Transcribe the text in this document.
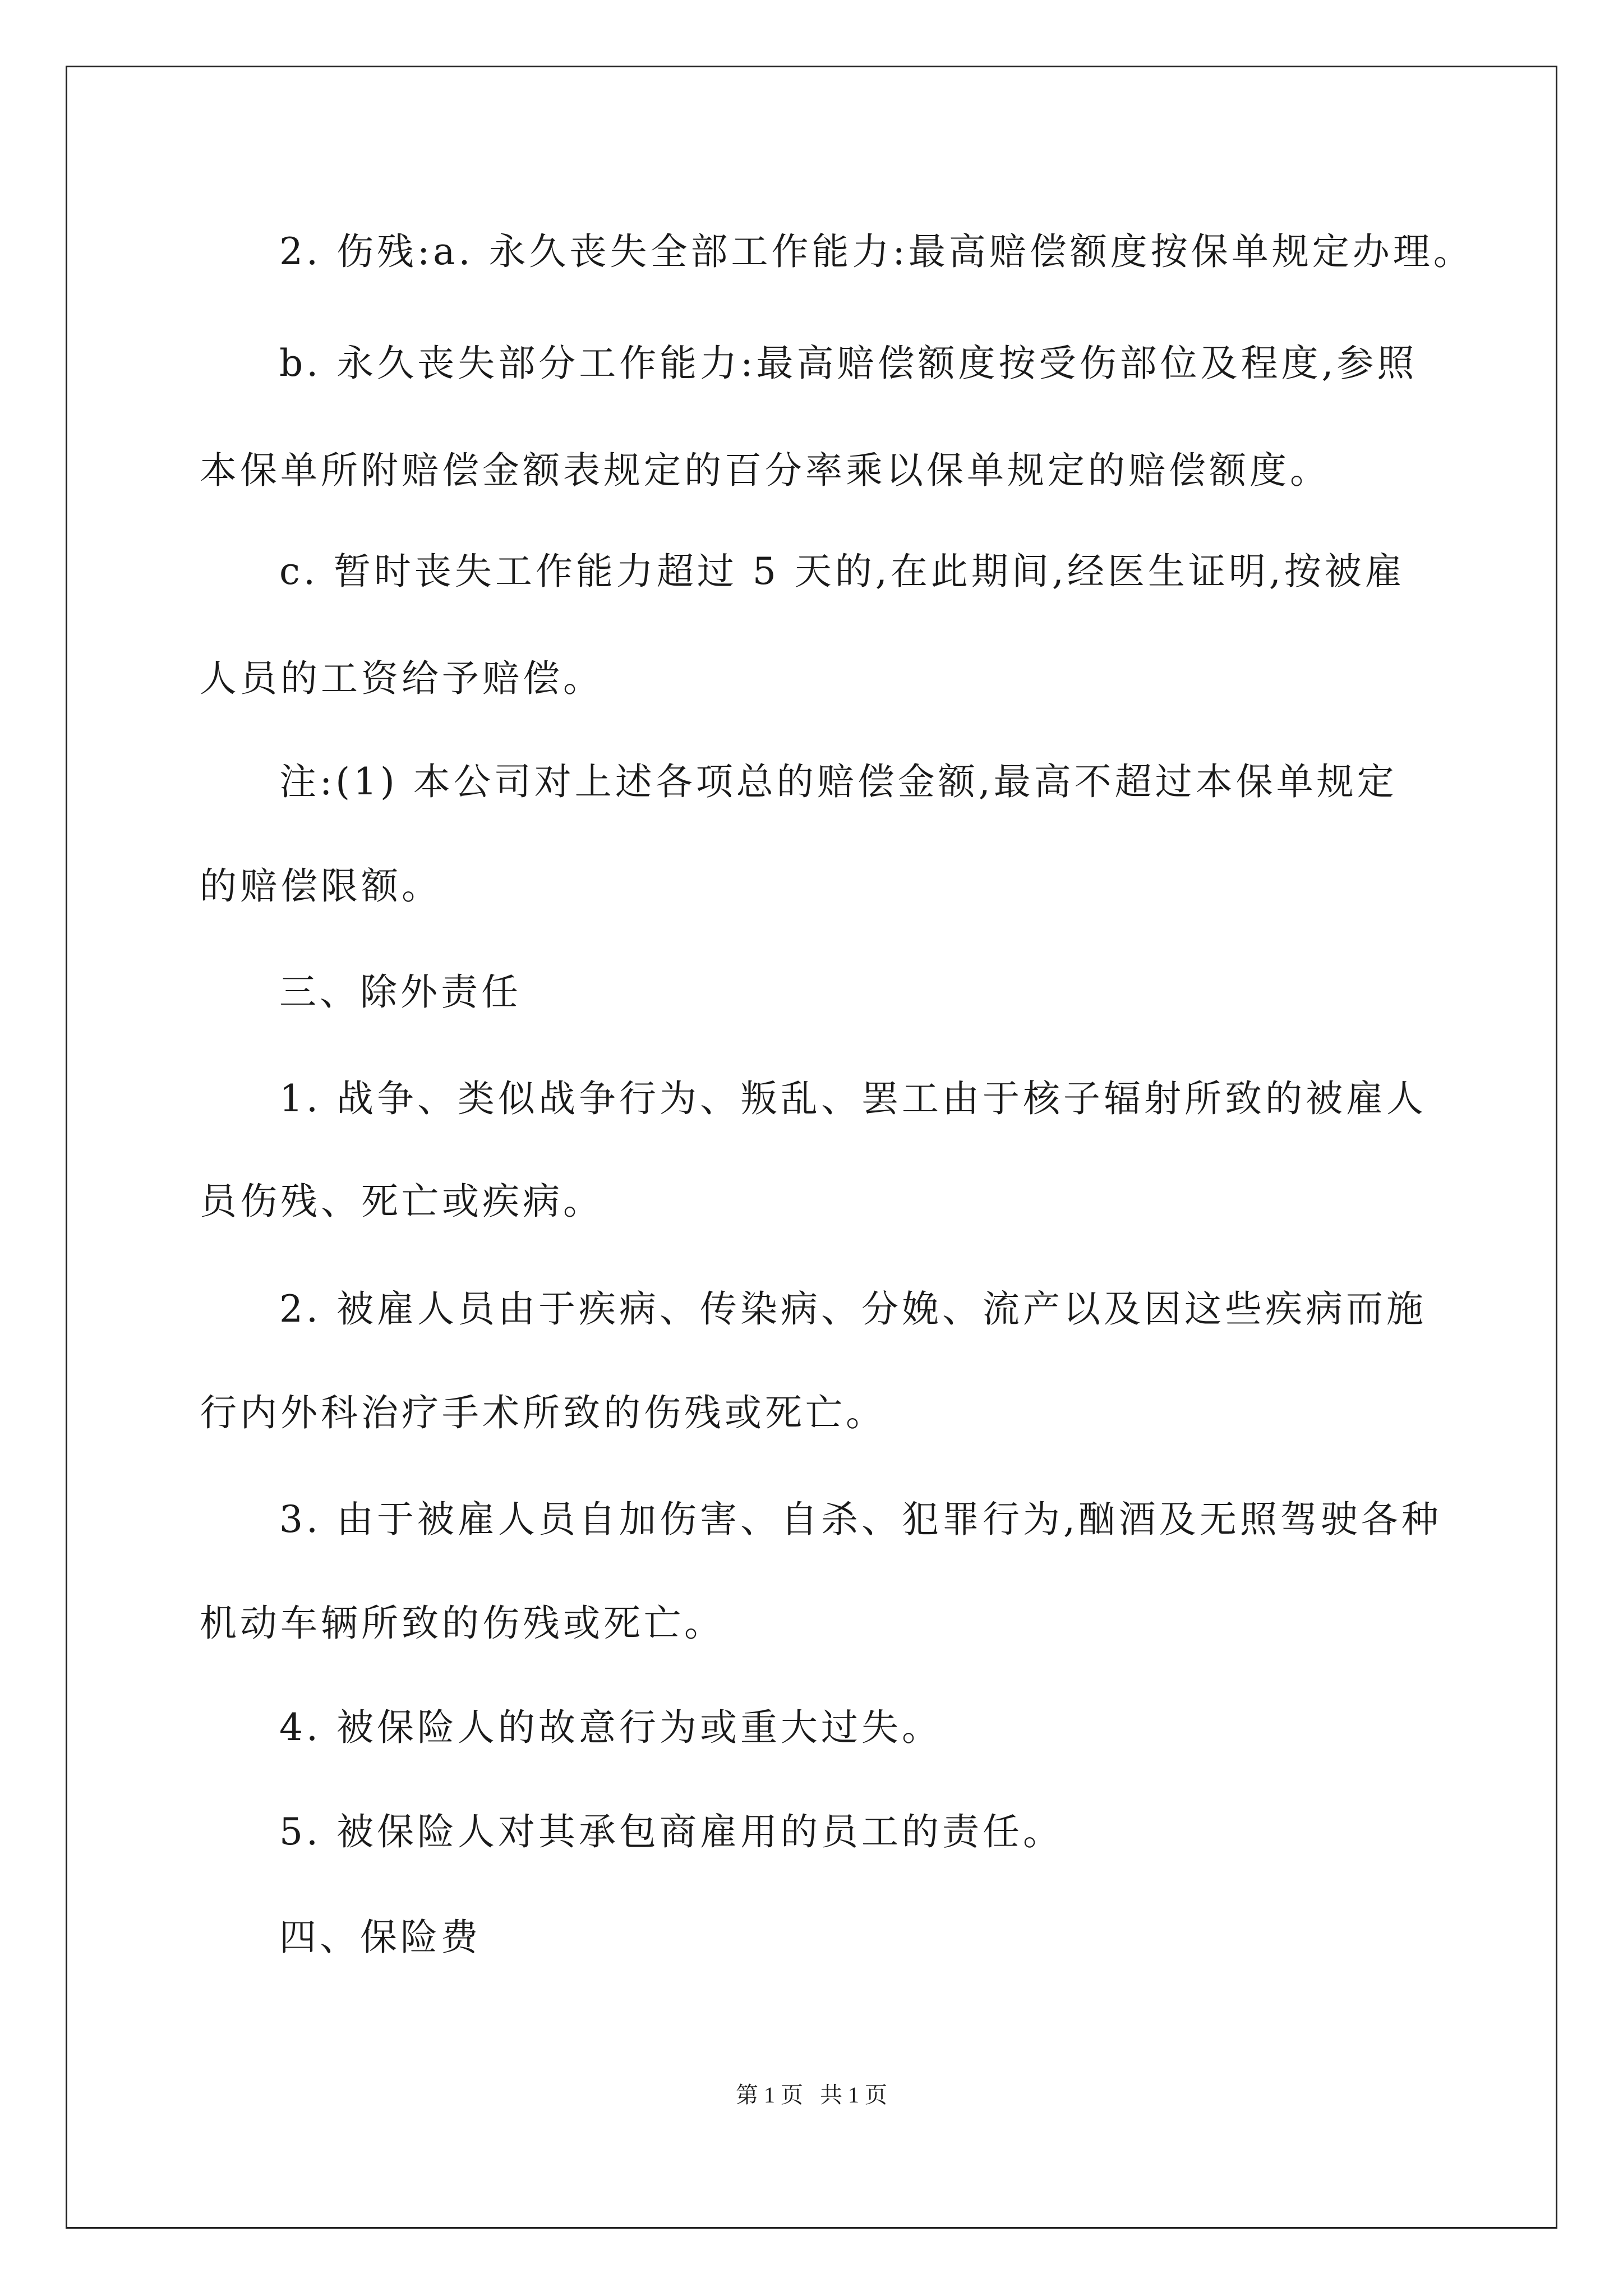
2. 伤残:a. 永久丧失全部工作能力:最高赔偿额度按保单规定办理。
b. 永久丧失部分工作能力:最高赔偿额度按受伤部位及程度,参照
本保单所附赔偿金额表规定的百分率乘以保单规定的赔偿额度。
c. 暂时丧失工作能力超过 5 天的,在此期间,经医生证明,按被雇
人员的工资给予赔偿。
注:(1) 本公司对上述各项总的赔偿金额,最高不超过本保单规定
的赔偿限额。
三、除外责任
1. 战争、类似战争行为、叛乱、罢工由于核子辐射所致的被雇人
员伤残、死亡或疾病。
2. 被雇人员由于疾病、传染病、分娩、流产以及因这些疾病而施
行内外科治疗手术所致的伤残或死亡。
3. 由于被雇人员自加伤害、自杀、犯罪行为,酗酒及无照驾驶各种
机动车辆所致的伤残或死亡。
4. 被保险人的故意行为或重大过失。
5. 被保险人对其承包商雇用的员工的责任。
四、保险费
第 1 页 共 1 页
